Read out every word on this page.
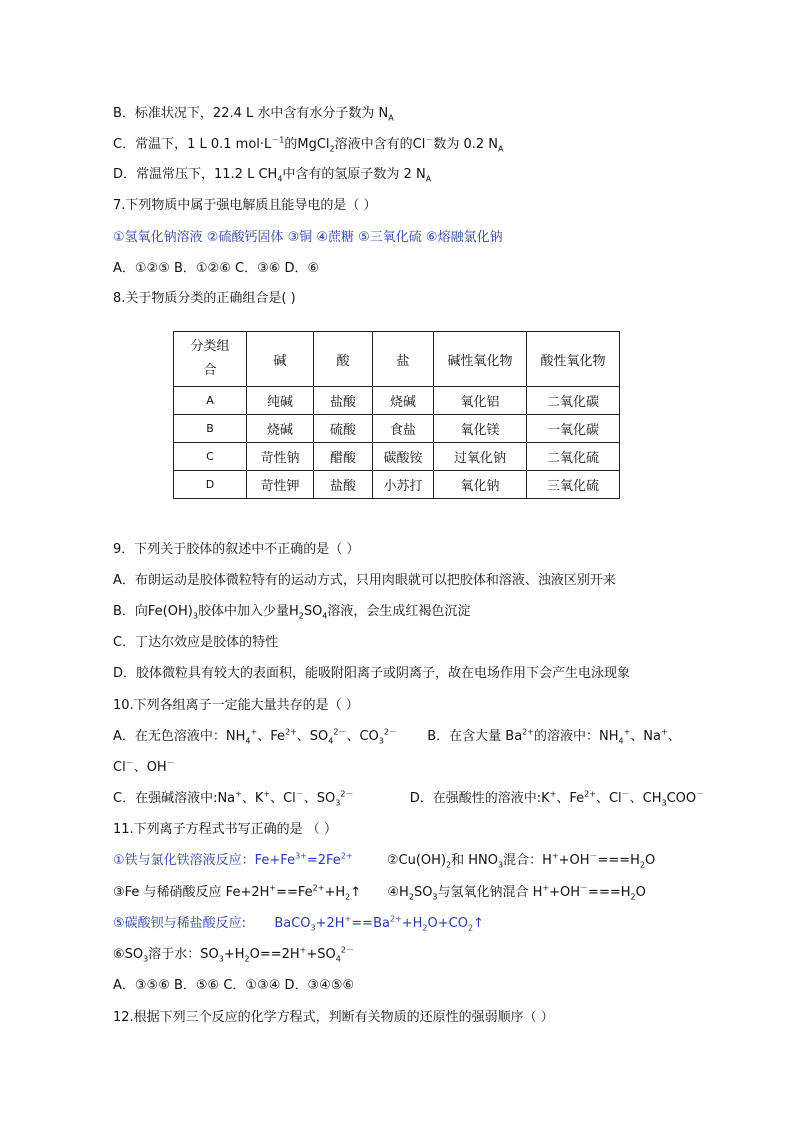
B．标准状况下，22.4 L 水中含有水分子数为 $N_A$
C．常温下，1 L 0.1 $mol\cdot L^{-1}$的MgCl$_2$溶液中含有的Cl－数为 0.2 $N_A$
D．常温常压下，11.2 L $CH_4$中含有的氢原子数为 2 $N_A$
7.下列物质中属于强电解质且能导电的是（ ）
①氢氧化钠溶液 ②硫酸钙固体 ③铜 ④蔗糖 ⑤三氧化硫 ⑥熔融氯化钠
A．①②⑤ B．①②⑥ C．③⑥ D．⑥
8.关于物质分类的正确组合是( )
分类组合	碱	酸	盐	碱性氧化物	酸性氧化物
A	纯碱	盐酸	烧碱	氧化铝	二氧化碳
B	烧碱	硫酸	食盐	氧化镁	一氧化碳
C	苛性钠	醋酸	碳酸铵	过氧化钠	二氧化硫
D	苛性钾	盐酸	小苏打	氧化钠	三氧化硫
9．下列关于胶体的叙述中不正确的是（ ）
A．布朗运动是胶体微粒特有的运动方式，只用肉眼就可以把胶体和溶液、浊液区别开来
B．向$Fe(OH)_3$胶体中加入少量$H_2SO_4$溶液，会生成红褐色沉淀
C．丁达尔效应是胶体的特性
D．胶体微粒具有较大的表面积，能吸附阳离子或阴离子，故在电场作用下会产生电泳现象
10.下列各组离子一定能大量共存的是（ ）
A．在无色溶液中：$NH_4^+$、$Fe^{2+}$、$SO_4^{2-}$、$CO_3^{2-}$ B．在含大量 $Ba^{2+}$的溶液中：$NH_4^+$、Na+、
Cl－、OH－
C．在强碱溶液中:Na+、K+、Cl－、$SO_3^{2-}$	D．在强酸性的溶液中:K+、$Fe^{2+}$、Cl－、$CH_3COO^-$
11.下列离子方程式书写正确的是 （ ）
①铁与氯化铁溶液反应：$Fe+Fe^{3+}=2Fe^{2+}$	$②Cu(OH)_2$和 $HNO_3$混合：$H^++OH^-===H_2O$
③Fe 与稀硝酸反应 $Fe+2H^+==Fe^{2+}+H_2↑$ $④H_2SO_3$与氢氧化钠混合 $H^++OH^-===H_2O$
⑤碳酸钡与稀盐酸反应: $BaCO_3+2H^+==Ba^{2+}+H_2O+CO_2↑$
$⑥SO_3$溶于水：$SO_3+H_2O==2H^++SO_4^{2-}$
A．③⑤⑥ B．⑤⑥ C．①③④ D．③④⑤⑥
12.根据下列三个反应的化学方程式，判断有关物质的还原性的强弱顺序（ ）
